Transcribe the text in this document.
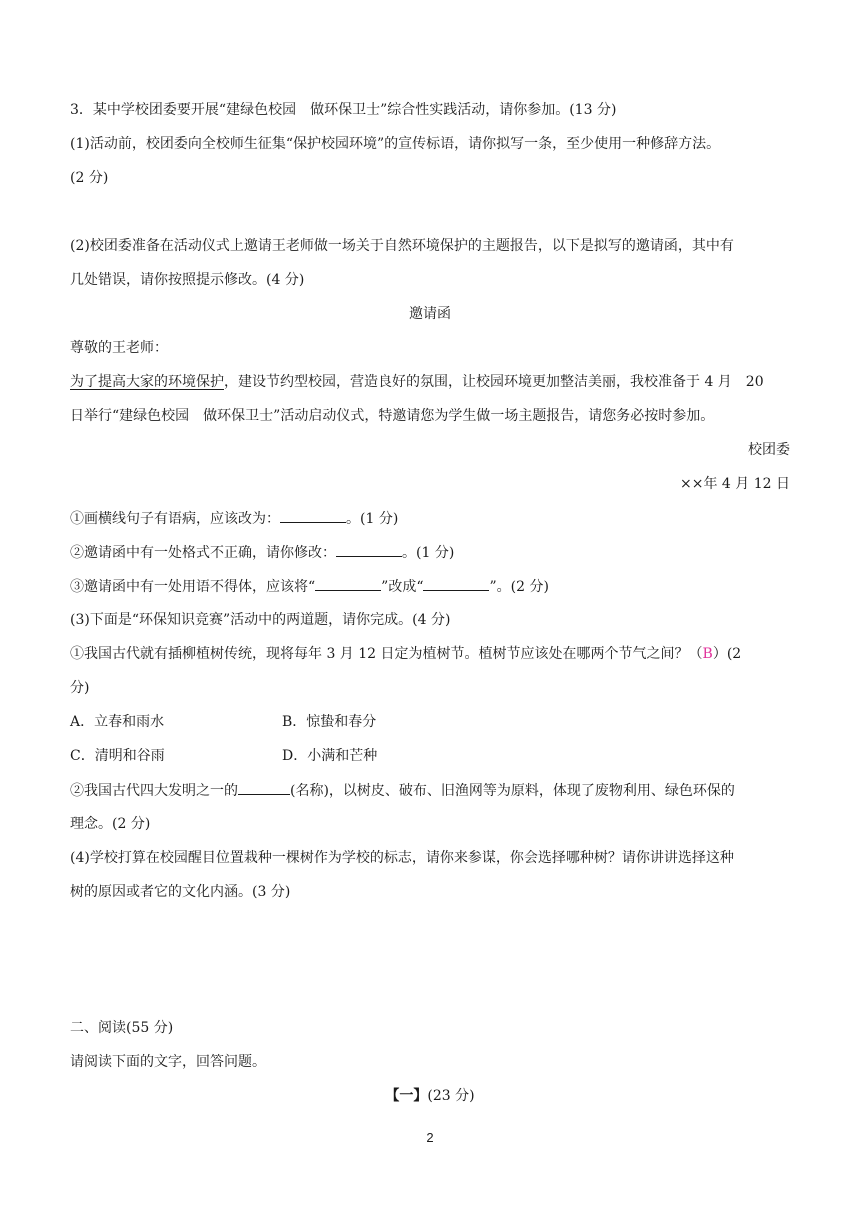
3．某中学校团委要开展“建绿色校园　做环保卫士”综合性实践活动，请你参加。(13 分)
(1)活动前，校团委向全校师生征集“保护校园环境”的宣传标语，请你拟写一条，至少使用一种修辞方法。
(2 分)
(2)校团委准备在活动仪式上邀请王老师做一场关于自然环境保护的主题报告，以下是拟写的邀请函，其中有
几处错误，请你按照提示修改。(4 分)
邀请函
尊敬的王老师：
为了提高大家的环境保护，建设节约型校园，营造良好的氛围，让校园环境更加整洁美丽，我校准备于 4 月　20
日举行“建绿色校园　做环保卫士”活动启动仪式，特邀请您为学生做一场主题报告，请您务必按时参加。
校团委
××年 4 月 12 日
①画横线句子有语病，应该改为：	。(1 分)
②邀请函中有一处格式不正确，请你修改：	。(1 分)
③邀请函中有一处用语不得体，应该将“	”改成“	”。(2 分)
(3)下面是“环保知识竞赛”活动中的两道题，请你完成。(4 分)
①我国古代就有插柳植树传统，现将每年 3 月 12 日定为植树节。植树节应该处在哪两个节气之间？（B）(2
分)
A．立春和雨水	B．惊蛰和春分
C．清明和谷雨	D．小满和芒种
②我国古代四大发明之一的	(名称)，以树皮、破布、旧渔网等为原料，体现了废物利用、绿色环保的
理念。(2 分)
(4)学校打算在校园醒目位置栽种一棵树作为学校的标志，请你来参谋，你会选择哪种树？请你讲讲选择这种
树的原因或者它的文化内涵。(3 分)
二、阅读(55 分)
请阅读下面的文字，回答问题。
【一】(23 分)
2
